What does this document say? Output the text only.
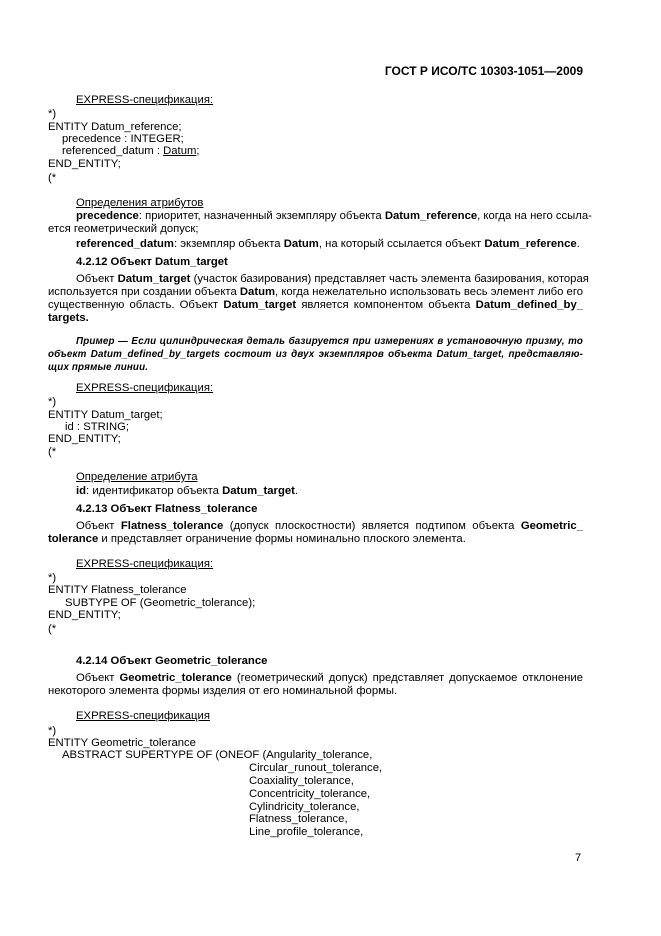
ГОСТ Р ИСО/ТС 10303-1051—2009
EXPRESS-спецификация:
*)
ENTITY Datum_reference;
precedence : INTEGER;
referenced_datum : Datum;
END_ENTITY;
(*
Определения атрибутов
precedence: приоритет, назначенный экземпляру объекта Datum_reference, когда на него ссыла-
ется геометрический допуск;
referenced_datum: экземпляр объекта Datum, на который ссылается объект Datum_reference.
4.2.12 Объект Datum_target
Объект Datum_target (участок базирования) представляет часть элемента базирования, которая
используется при создании объекта Datum, когда нежелательно использовать весь элемент либо его
существенную область. Объект Datum_target является компонентом объекта Datum_defined_by_
targets.
Пример — Если цилиндрическая деталь базируется при измерениях в установочную призму, то
объект Datum_defined_by_targets состоит из двух экземпляров объекта Datum_target, представляю-
щих прямые линии.
EXPRESS-спецификация:
*)
ENTITY Datum_target;
id : STRING;
END_ENTITY;
(*
Определение атрибута
id: идентификатор объекта Datum_target.
4.2.13 Объект Flatness_tolerance
Объект Flatness_tolerance (допуск плоскостности) является подтипом объекта Geometric_
tolerance и представляет ограничение формы номинально плоского элемента.
EXPRESS-спецификация:
*)
ENTITY Flatness_tolerance
SUBTYPE OF (Geometric_tolerance);
END_ENTITY;
(*
4.2.14 Объект Geometric_tolerance
Объект Geometric_tolerance (геометрический допуск) представляет допускаемое отклонение
некоторого элемента формы изделия от его номинальной формы.
EXPRESS-спецификация
*)
ENTITY Geometric_tolerance
ABSTRACT SUPERTYPE OF (ONEOF (Angularity_tolerance,
Circular_runout_tolerance,
Coaxiality_tolerance,
Concentricity_tolerance,
Cylindricity_tolerance,
Flatness_tolerance,
Line_profile_tolerance,
7
